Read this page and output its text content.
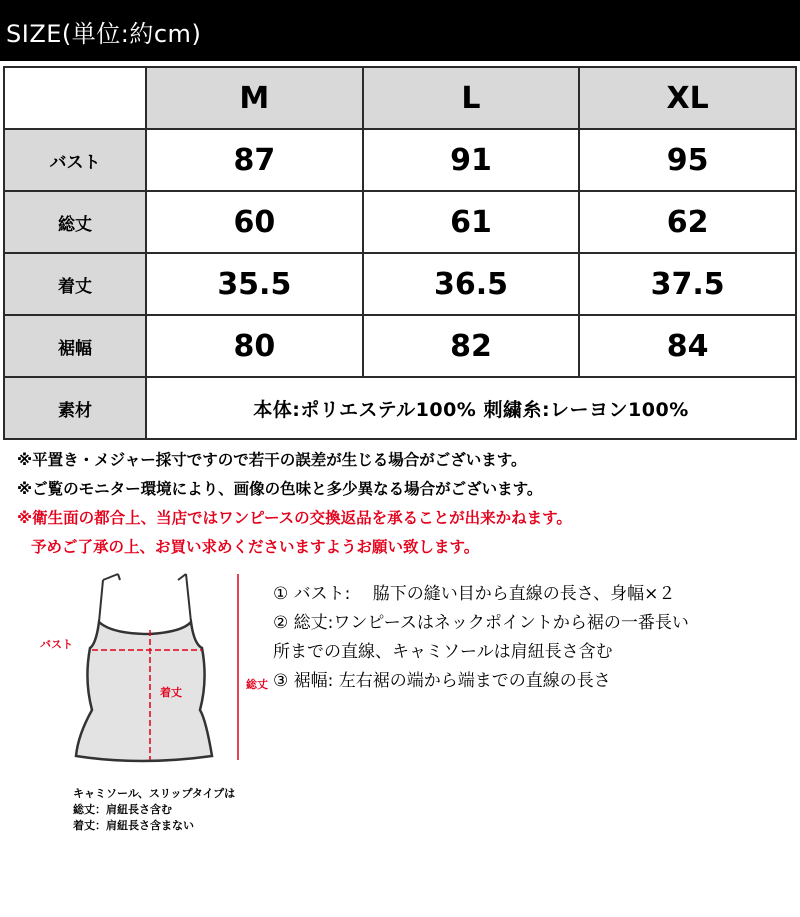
SIZE(単位:約cm)
	M	L	XL
バスト	87	91	95
総丈	60	61	62
着丈	35.5	36.5	37.5
裾幅	80	82	84
素材	本体:ポリエステル100% 刺繍糸:レーヨン100%		
※平置き・メジャー採寸ですので若干の誤差が生じる場合がございます。
※ご覧のモニター環境により、画像の色味と多少異なる場合がございます。
※衛生面の都合上、当店ではワンピースの交換返品を承ることが出来かねます。
予めご了承の上、お買い求めくださいますようお願い致します。
バスト
着丈
総丈
キャミソール、スリップタイプは
総丈：肩紐長さ含む
着丈：肩紐長さ含まない
① バスト:　 脇下の縫い目から直線の長さ、身幅×２
② 総丈:ワンピースはネックポイントから裾の一番長い
所までの直線、キャミソールは肩紐長さ含む
③ 裾幅: 左右裾の端から端までの直線の長さ
